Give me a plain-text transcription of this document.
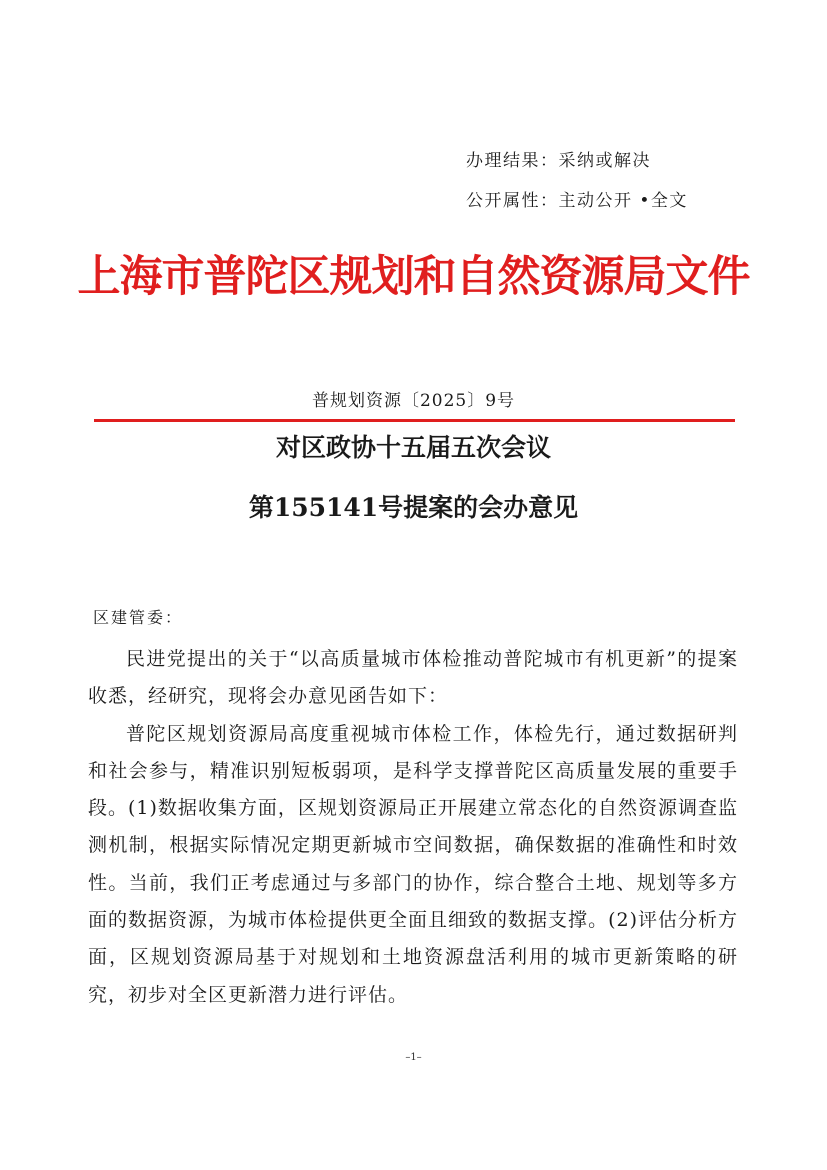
办理结果：采纳或解决
公开属性：主动公开 •全文
上海市普陀区规划和自然资源局文件
普规划资源〔2025〕9号
对区政协十五届五次会议
第155141号提案的会办意见
区建管委：

民进党提出的关于“以高质量城市体检推动普陀城市有机更新”的提案收悉，经研究，现将会办意见函告如下：

普陀区规划资源局高度重视城市体检工作，体检先行，通过数据研判和社会参与，精准识别短板弱项，是科学支撑普陀区高质量发展的重要手段。(1)数据收集方面，区规划资源局正开展建立常态化的自然资源调查监测机制，根据实际情况定期更新城市空间数据，确保数据的准确性和时效性。当前，我们正考虑通过与多部门的协作，综合整合土地、规划等多方面的数据资源，为城市体检提供更全面且细致的数据支撑。(2)评估分析方面，区规划资源局基于对规划和土地资源盘活利用的城市更新策略的研究，初步对全区更新潜力进行评估。

–1–
